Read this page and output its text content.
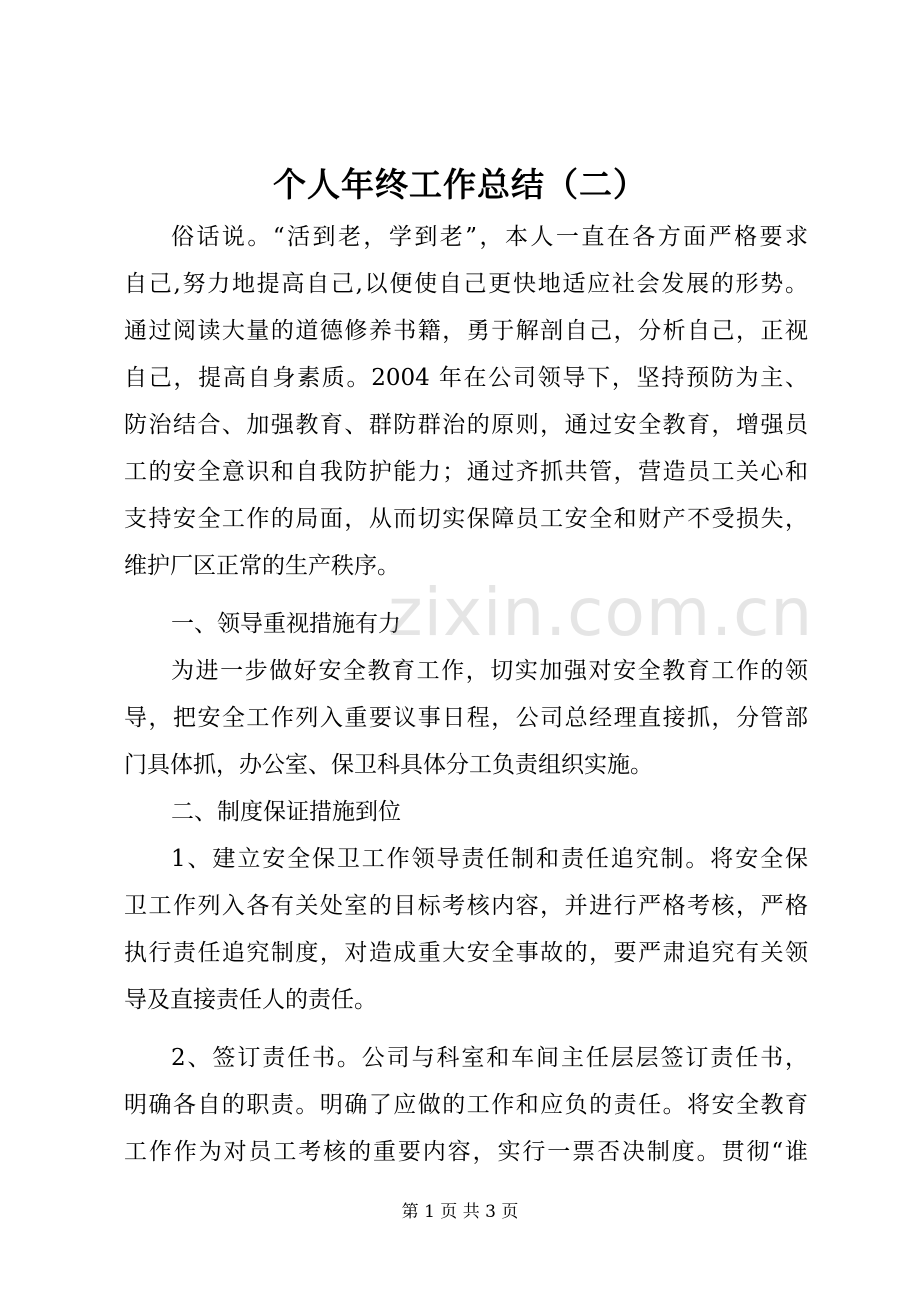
个人年终工作总结（二）
俗话说。“活到老，学到老”，本人一直在各方面严格要求
自己,努力地提高自己,以便使自己更快地适应社会发展的形势。
通过阅读大量的道德修养书籍，勇于解剖自己，分析自己，正视
自己，提高自身素质。2004 年在公司领导下，坚持预防为主、
防治结合、加强教育、群防群治的原则，通过安全教育，增强员
工的安全意识和自我防护能力；通过齐抓共管，营造员工关心和
支持安全工作的局面，从而切实保障员工安全和财产不受损失，
维护厂区正常的生产秩序。
一、领导重视措施有力
为进一步做好安全教育工作，切实加强对安全教育工作的领
导，把安全工作列入重要议事日程，公司总经理直接抓，分管部
门具体抓，办公室、保卫科具体分工负责组织实施。
二、制度保证措施到位
1、建立安全保卫工作领导责任制和责任追究制。将安全保
卫工作列入各有关处室的目标考核内容，并进行严格考核，严格
执行责任追究制度，对造成重大安全事故的，要严肃追究有关领
导及直接责任人的责任。
2、签订责任书。公司与科室和车间主任层层签订责任书，
明确各自的职责。明确了应做的工作和应负的责任。将安全教育
工作作为对员工考核的重要内容，实行一票否决制度。贯彻“谁
zixin.com.cn
第 1 页 共 3 页
